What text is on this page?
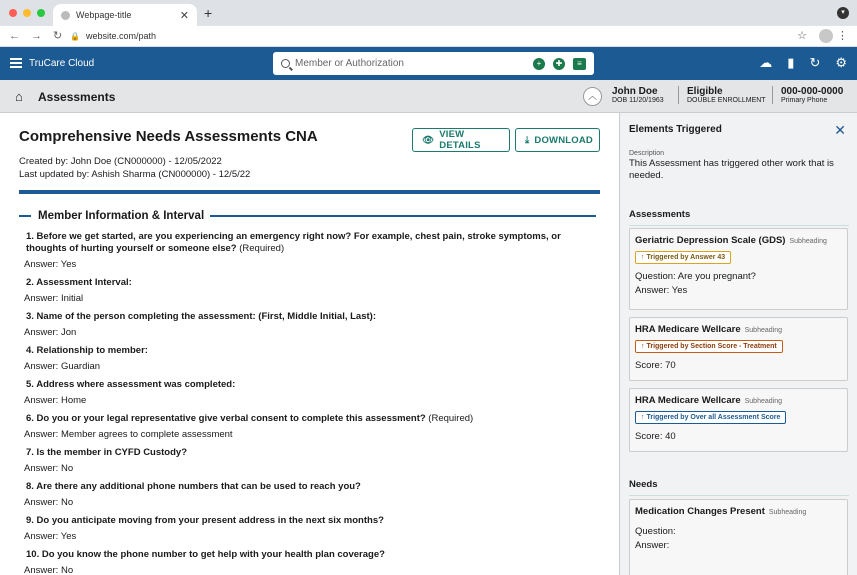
Webpage-title	✕ +	▾
← → ↻ 🔒 website.com/path	☆	⋮
TruCare Cloud	Member or Authorization	+	✚	≡	☁ ▮ ↻ ⚙
⌂ Assessments	︿	John Doe
DOB 11/20/1963
Eligible
DOUBLE ENROLLMENT
000-000-0000
Primary Phone
Comprehensive Needs Assessments CNA
Created by: John Doe (CN000000) - 12/05/2022
Last updated by: Ashish Sharma (CN000000) - 12/5/22
👁 VIEW DETAILS	⤓ DOWNLOAD
Member Information & Interval
1. Before we get started, are you experiencing an emergency right now? For example, chest pain, stroke symptoms, or thoughts of hurting yourself or someone else? (Required)
Answer: Yes
2. Assessment Interval:
Answer: Initial
3. Name of the person completing the assessment: (First, Middle Initial, Last):
Answer: Jon
4. Relationship to member:
Answer: Guardian
5. Address where assessment was completed:
Answer: Home
6. Do you or your legal representative give verbal consent to complete this assessment? (Required)
Answer: Member agrees to complete assessment
7. Is the member in CYFD Custody?
Answer: No
8. Are there any additional phone numbers that can be used to reach you?
Answer: No
9. Do you anticipate moving from your present address in the next six months?
Answer: Yes
10. Do you know the phone number to get help with your health plan coverage?
Answer: No
Elements Triggered	✕
Description
This Assessment has triggered other work that is needed.
Assessments
Geriatric Depression Scale (GDS) Subheading
↑ Triggered by Answer 43
Question: Are you pregnant?
Answer: Yes
HRA Medicare Wellcare Subheading
↑ Triggered by Section Score - Treatment
Score: 70
HRA Medicare Wellcare Subheading
↑ Triggered by Over all Assessment Score
Score: 40
Needs
Medication Changes Present Subheading
Question:
Answer:
